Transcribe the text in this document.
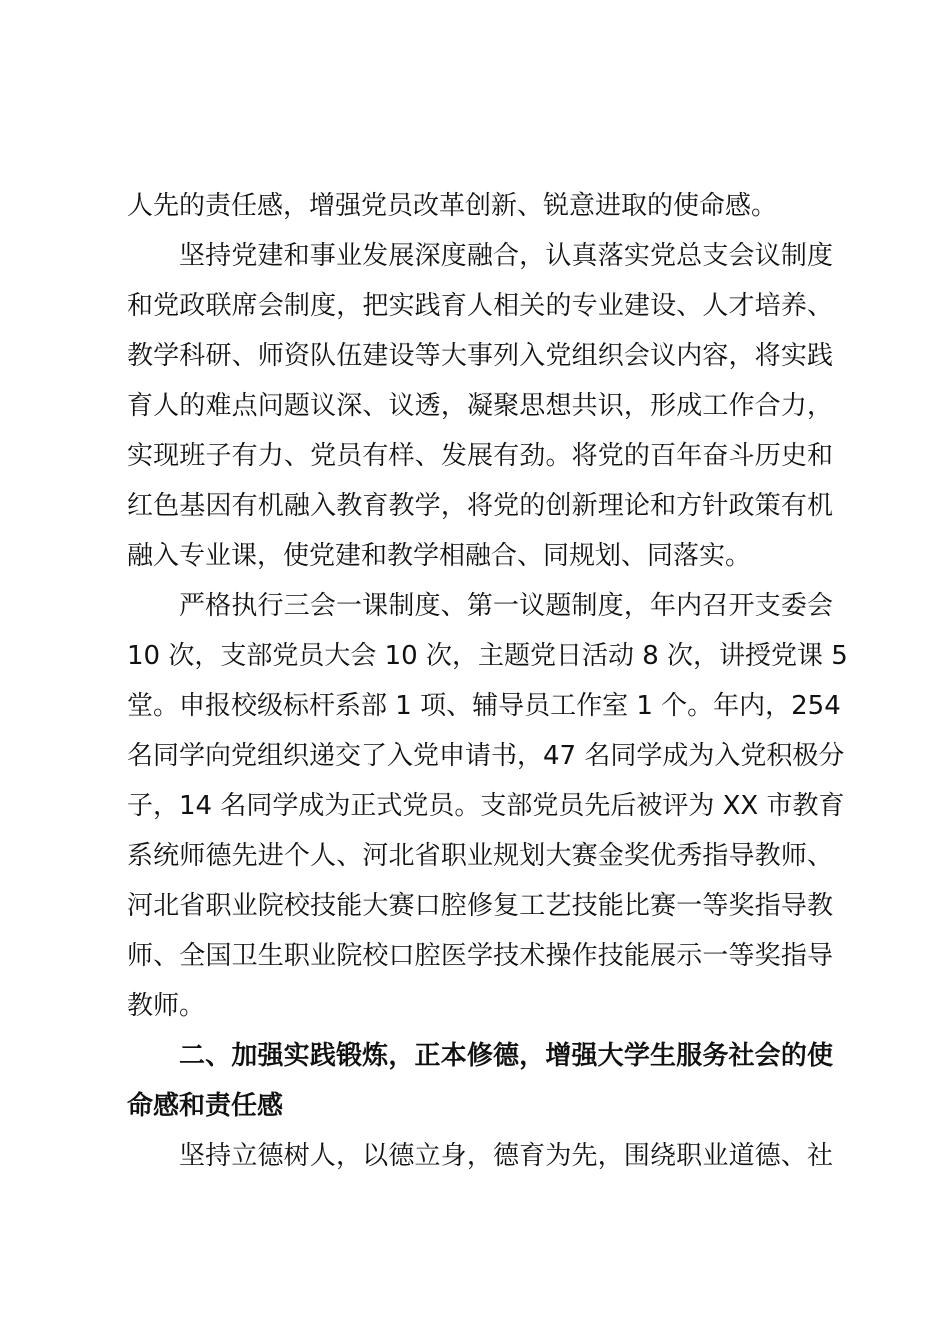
人先的责任感，增强党员改革创新、锐意进取的使命感。
坚持党建和事业发展深度融合，认真落实党总支会议制度
和党政联席会制度，把实践育人相关的专业建设、人才培养、
教学科研、师资队伍建设等大事列入党组织会议内容，将实践
育人的难点问题议深、议透，凝聚思想共识，形成工作合力，
实现班子有力、党员有样、发展有劲。将党的百年奋斗历史和
红色基因有机融入教育教学，将党的创新理论和方针政策有机
融入专业课，使党建和教学相融合、同规划、同落实。
严格执行三会一课制度、第一议题制度，年内召开支委会
10 次，支部党员大会 10 次，主题党日活动 8 次，讲授党课 5
堂。申报校级标杆系部 1 项、辅导员工作室 1 个。年内，254
名同学向党组织递交了入党申请书，47 名同学成为入党积极分
子，14 名同学成为正式党员。支部党员先后被评为 XX 市教育
系统师德先进个人、河北省职业规划大赛金奖优秀指导教师、
河北省职业院校技能大赛口腔修复工艺技能比赛一等奖指导教
师、全国卫生职业院校口腔医学技术操作技能展示一等奖指导
教师。
二、加强实践锻炼，正本修德，增强大学生服务社会的使
命感和责任感
坚持立德树人，以德立身，德育为先，围绕职业道德、社
